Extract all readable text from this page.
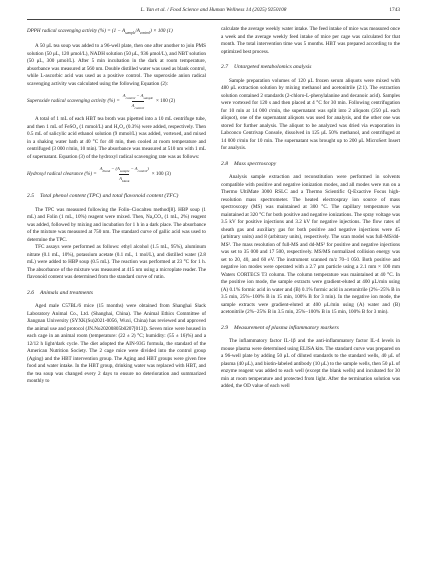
L. Yan et al. / Food Science and Human Wellness 14 (2025) 9250108	1743
DPPH radical scavenging activity (%) = $(1 - A_{sample}/A_{control}) \times 100$ (1)

A 50 μL tea soup was added to a 96-well plate, then one after another to join PMS solution (50 μL, 120 μmol/L), NADH solution (50 μL, 936 μmol/L), and NBT solution (50 μL, 300 μmol/L). After 5 min incubation in the dark at room temperature, absorbance was measured at 560 nm. Double distilled water was used as blank control, while L-ascorbic acid was used as a positive control. The superoxide anion radical scavenging activity was calculated using the following Equation (2):

Superoxide radical scavenging activity (%) =
$A_{control} - A_{sample}$
$A_{control}$
× 100 (2)

A total of 1 mL of each HBT tea broth was pipetted into a 10 mL centrifuge tube, and then 1 mL of FeSO₄ (1 mmol/L) and H₂O₂ (0.3%) were added, respectively. Then 0.5 mL of salicylic acid ethanol solution (9 mmol/L) was added, vortexed, and mixed in a shaking water bath at 40 °C for 40 min, then cooled at room temperature and centrifuged (3 000 r/min, 10 min). The absorbance was measured at 510 nm with 1 mL of supernatant. Equation (3) of the hydroxyl radical scavenging rate was as follows:

Hydroxyl radical clearance (%) =
$A_{blank} - (A_{sample} - A_{control})$
$A_{blank}$
× 100 (3)
2.5 Total phenol content (TPC) and total flavonoid content (TFC)

The TPC was measured following the Folin–Ciocalteu method[8]. HBP soup (1 mL) and Folin (1 mL, 10%) reagent were mixed. Then, Na₂CO₃ (1 mL, 2%) reagent was added, followed by mixing and incubation for 1 h in a dark place. The absorbance of the mixture was measured at 750 nm. The standard curve of gallic acid was used to determine the TPC.

TFC assays were performed as follows: ethyl alcohol (1.5 mL, 95%), aluminum nitrate (0.1 mL, 10%), potassium acetate (0.1 mL, 1 mol/L), and distilled water (2.8 mL) were added to HBP soup (0.5 mL). The reaction was performed at 23 °C for 1 h. The absorbance of the mixture was measured at 415 nm using a microplate reader. The flavonoid content was determined from the standard curve of rutin.

2.6 Animals and treatments

Aged male C57BL/6 mice (15 months) were obtained from Shanghai Slack Laboratory Animal Co., Ltd. (Shanghai, China). The Animal Ethics Committee of Jiangnan University (SYXK(Su)2021-0056, Wuxi, China) has reviewed and approved the animal use and protocol (JN.No20200805b0207[013]). Seven mice were housed in each cage in an animal room (temperature: (22 ± 2) °C; humidity: (55 ± 16)%) and a 12/12 h light/dark cycle. The diet adopted the AIN-93G formula, the standard of the American Nutrition Society. The 2 cage mice were divided into the control group (Aging) and the HBT intervention group. The Aging and HBT groups were given free food and water intake. In the HBT group, drinking water was replaced with HBT, and the tea soup was changed every 2 days to ensure no deterioration and summarized monthly to

calculate the average weekly water intake. The feed intake of mice was measured once a week and the average weekly feed intake of mice per cage was calculated for that month. The total intervention time was 5 months. HBT was prepared according to the optimized best process.

2.7 Untargeted metabolomics analysis

Sample preparation volumes of 120 μL frozen serum aliquots were mixed with 480 μL extraction solution by mixing methanol and acetonitrile (2:1). The extraction solution contained 2 standards (2-chloro-L-phenylalanine and decanoic acid). Samples were vortexed for 120 s and then placed at 4 °C for 30 min. Following centrifugation for 10 min at 14 000 r/min, the supernatant was split into 2 aliquots (250 μL each aliquot), one of the supernatant aliquots was used for analysis, and the other one was stored for further analysis. The aliquot to be analyzed was dried via evaporation in Labconco Centrivap Console, dissolved in 125 μL 50% methanol, and centrifuged at 14 000 r/min for 10 min. The supernatant was brought up to 200 μL MicroSert Insert for analysis.

2.8 Mass spectroscopy

Analysis sample extraction and reconstitution were performed in solvents compatible with positive and negative ionization modes, and all modes were run on a Thermo UltiMate 3000 RSLC and a Thermo Scientific Q-Exactive Focus high-resolution mass spectrometer. The heated electrospray ion source of mass spectroscopy (MS) was maintained at 300 °C. The capillary temperature was maintained at 320 °C for both positive and negative ionizations. The spray voltage was 3.5 kV for positive injections and 3.2 kV for negative injections. The flow rates of sheath gas and auxiliary gas for both positive and negative injections were 45 (arbitrary units) and 8 (arbitrary units), respectively. The scan model was full-MS/dd-MS². The mass resolution of full-MS and dd-MS² for positive and negative injections was set to 35 000 and 17 500, respectively. MS/MS normalized collision energy was set to 20, 40, and 60 eV. The instrument scanned m/z 70–1 050. Both positive and negative ion modes were operated with a 2.7 μm particle using a 2.1 mm × 100 mm Waters CORTECS T3 column. The column temperature was maintained at 40 °C. In the positive ion mode, the sample extracts were gradient-eluted at 400 μL/min using (A) 0.1% formic acid in water and (B) 0.1% formic acid in acetonitrile (2%−25% B in 3.5 min, 25%−100% B in 15 min, 100% B for 3 min). In the negative ion mode, the sample extracts were gradient-eluted at 400 μL/min using (A) water and (B) acetonitrile (2%−25% B in 3.5 min, 25%−100% B in 15 min, 100% B for 3 min).

2.9 Measurement of plasma inflammatory markers

The inflammatory factor IL-1β and the anti-inflammatory factor IL-4 levels in mouse plasma were determined using ELISA kits. The standard curve was prepared on a 96-well plate by adding 50 μL of diluted standards to the standard wells, 40 μL of plasma (40 μL), and biotin-labeled antibody (10 μL) to the sample wells, then 50 μL of enzyme reagent was added to each well (except the blank wells) and incubated for 30 min at room temperature and protected from light. After the termination solution was added, the OD value of each well
